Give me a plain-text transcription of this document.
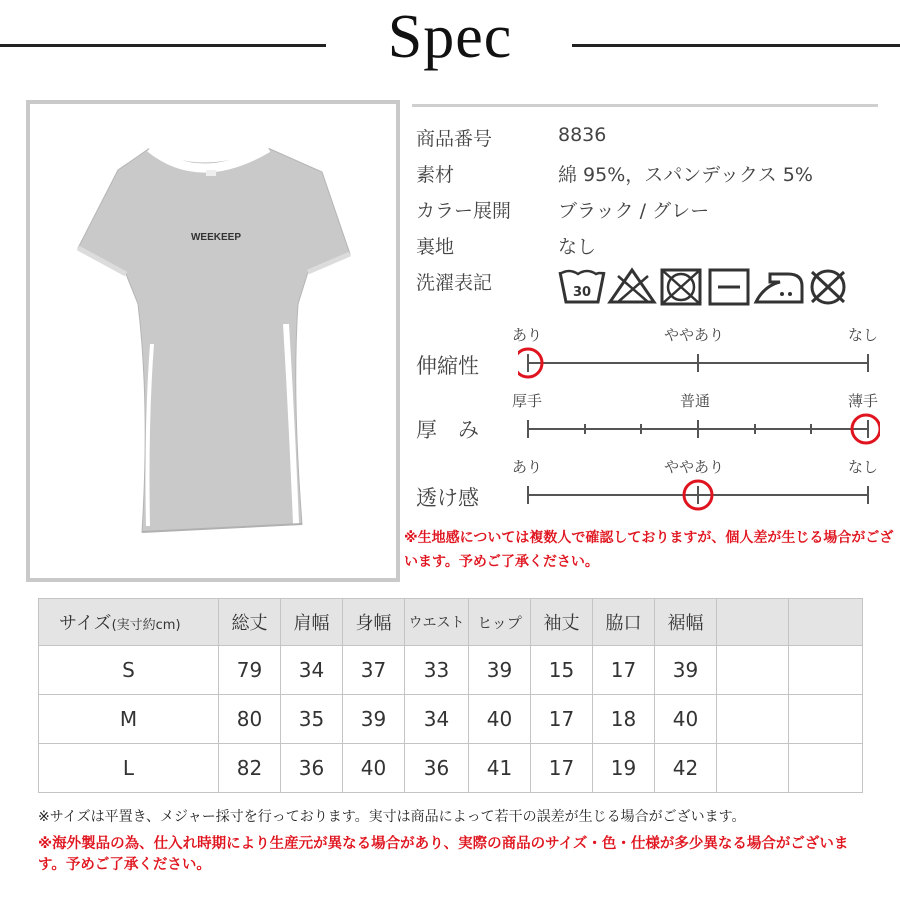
Spec
WEEKEEP
商品番号	8836
素材	綿 95%，スパンデックス 5%
カラー展開 ブラック / グレー
裏地	なし
洗濯表記	30
あり	ややあり	なし
伸縮性
厚手	普通	薄手
厚　み
あり	ややあり	なし
透け感
※生地感については複数人で確認しておりますが、個人差が生じる場合がございます。予めご了承ください。
サイズ(実寸約cm)	総丈	肩幅	身幅	ウエスト	ヒップ	袖丈	脇口	裾幅		
S	79	34	37	33	39	15	17	39		
M	80	35	39	34	40	17	18	40		
L	82	36	40	36	41	17	19	42		
※サイズは平置き、メジャー採寸を行っております。実寸は商品によって若干の誤差が生じる場合がございます。
※海外製品の為、仕入れ時期により生産元が異なる場合があり、実際の商品のサイズ・色・仕様が多少異なる場合がございます。予めご了承ください。
